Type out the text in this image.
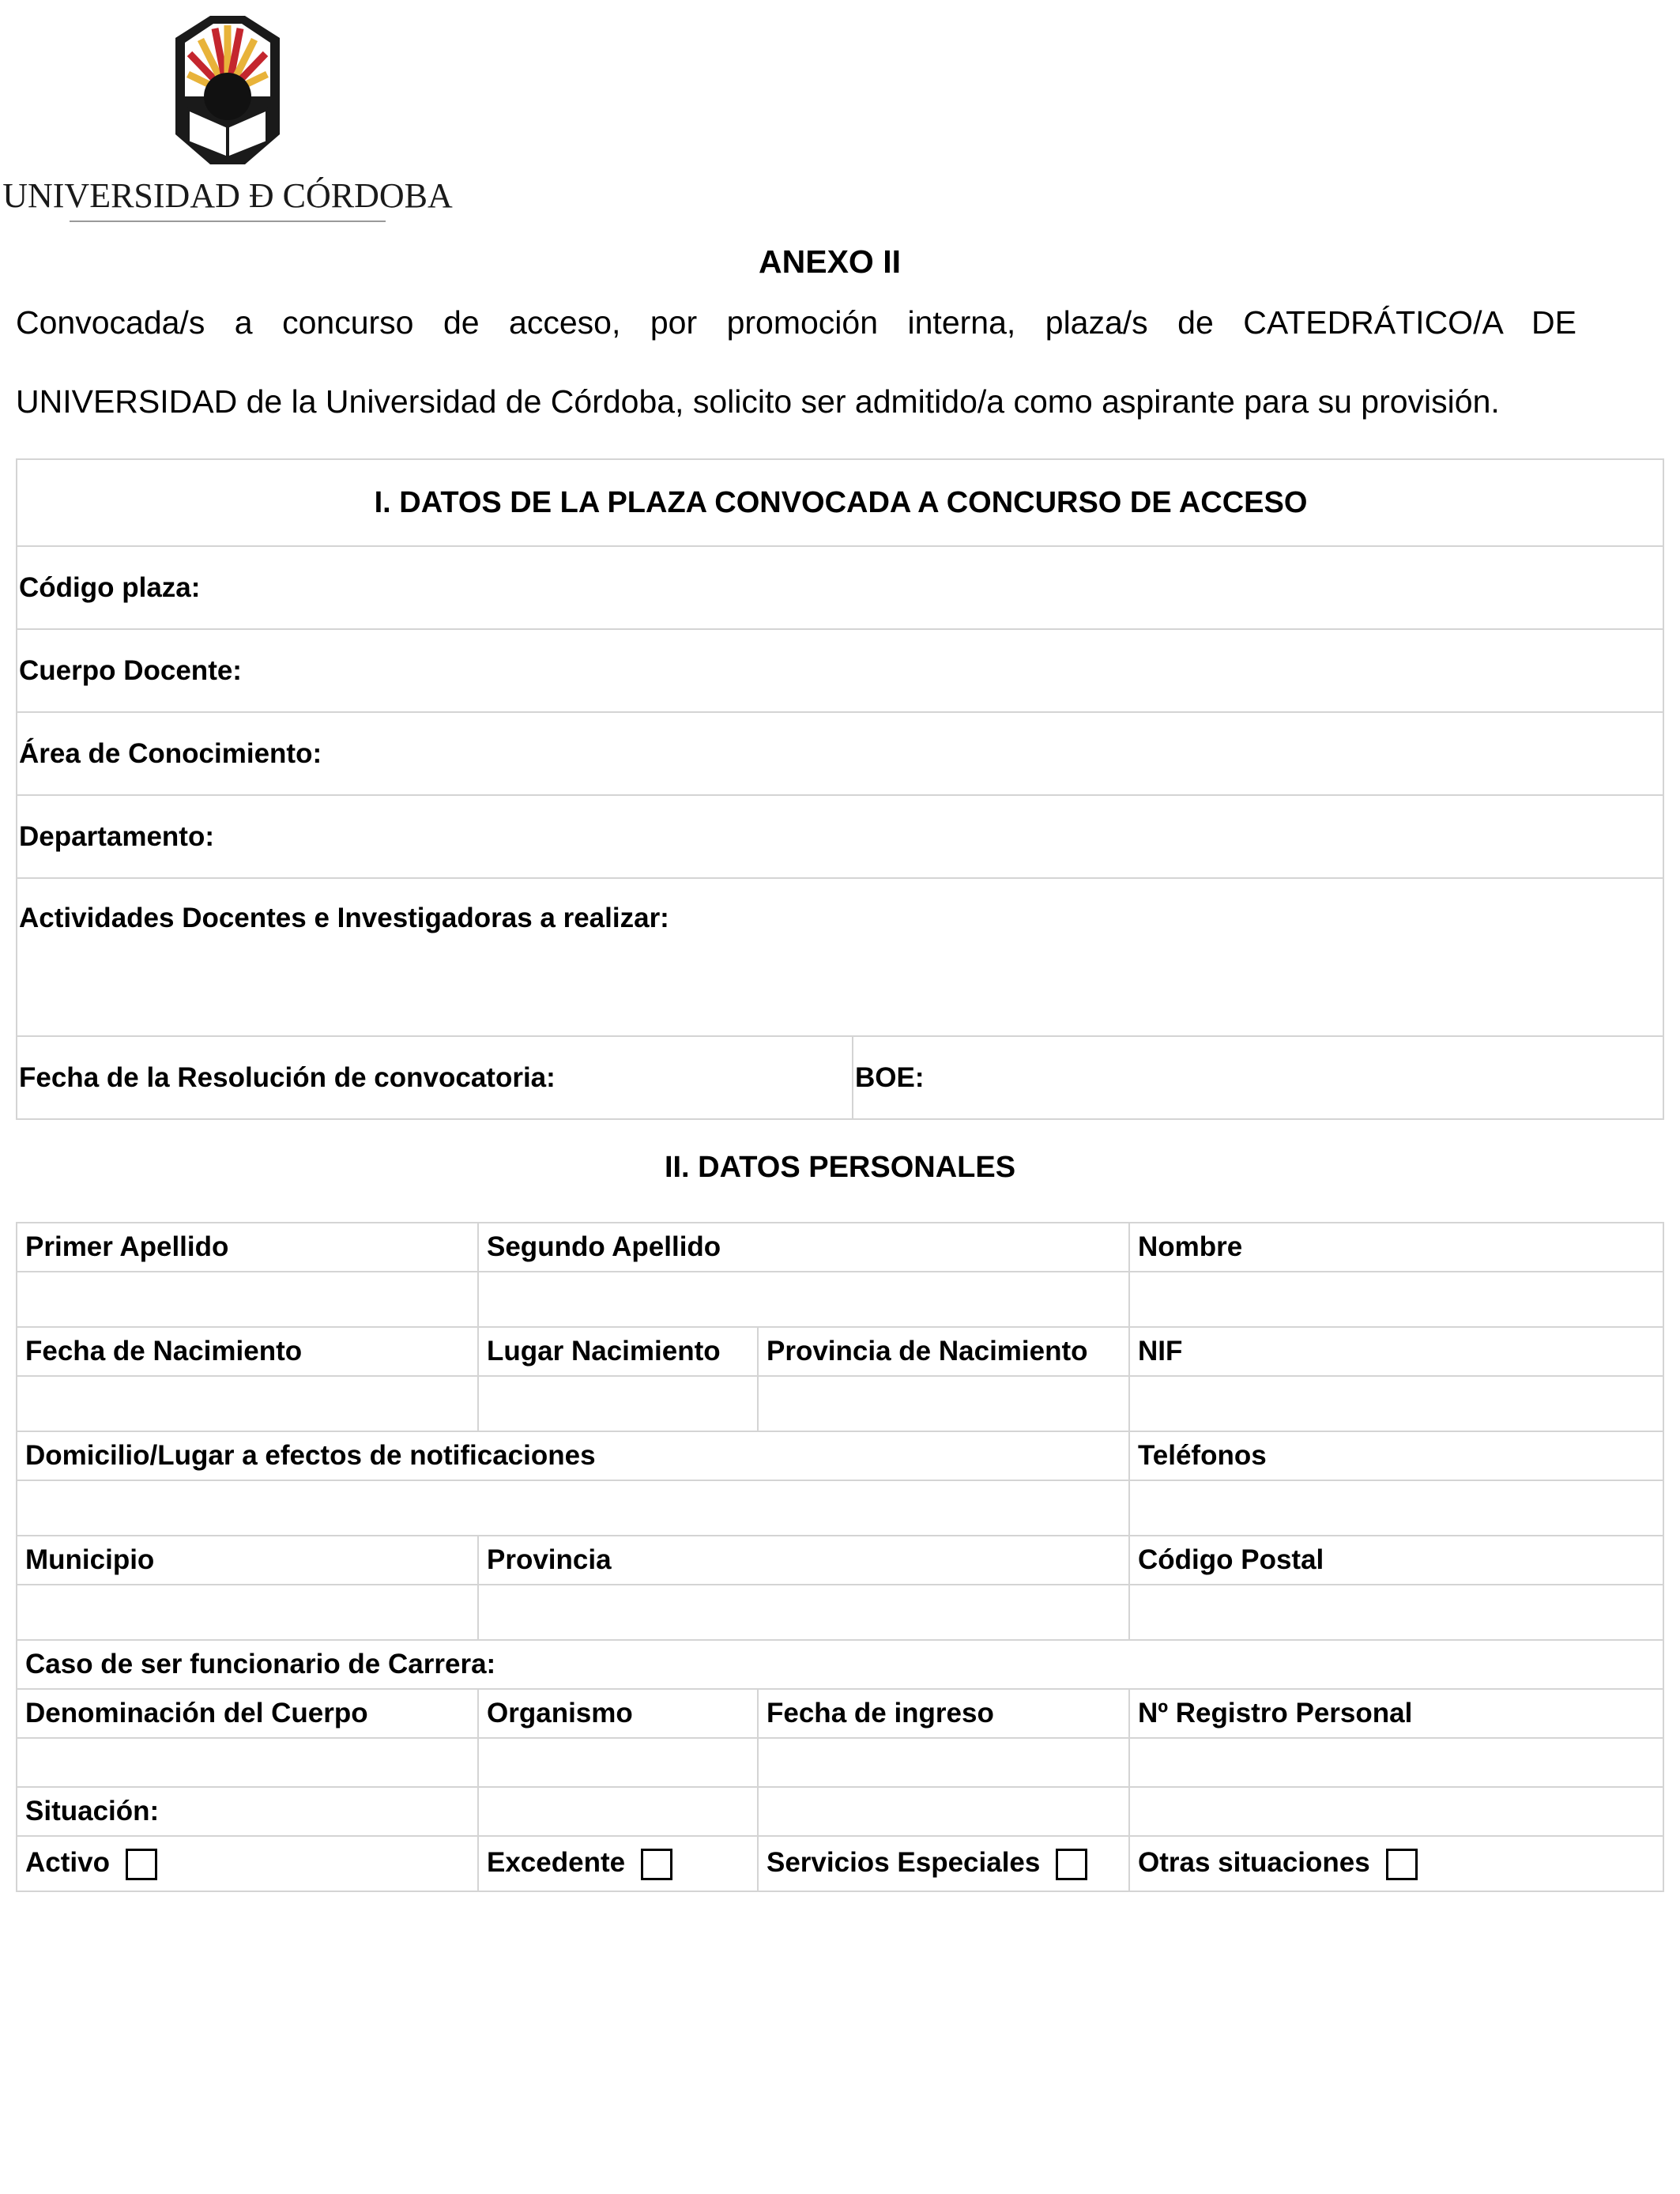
UNIVERSIDAD Đ CÓRDOBA
ANEXO II
Convocada/s a concurso de acceso, por promoción interna, plaza/s de CATEDRÁTICO/A DE
UNIVERSIDAD de la Universidad de Córdoba, solicito ser admitido/a como aspirante para su provisión.
I. DATOS DE LA PLAZA CONVOCADA A CONCURSO DE ACCESO
Código plaza:
Cuerpo Docente:
Área de Conocimiento:
Departamento:
Actividades Docentes e Investigadoras a realizar:
Fecha de la Resolución de convocatoria:	BOE:
II. DATOS PERSONALES
Primer Apellido	Segundo Apellido		Nombre

Fecha de Nacimiento	Lugar Nacimiento	Provincia de Nacimiento	NIF

Domicilio/Lugar a efectos de notificaciones			Teléfonos

Municipio	Provincia		Código Postal

Caso de ser funcionario de Carrera:			
Denominación del Cuerpo	Organismo	Fecha de ingreso	Nº Registro Personal

Situación:			
Activo	Excedente	Servicios Especiales	Otras situaciones
